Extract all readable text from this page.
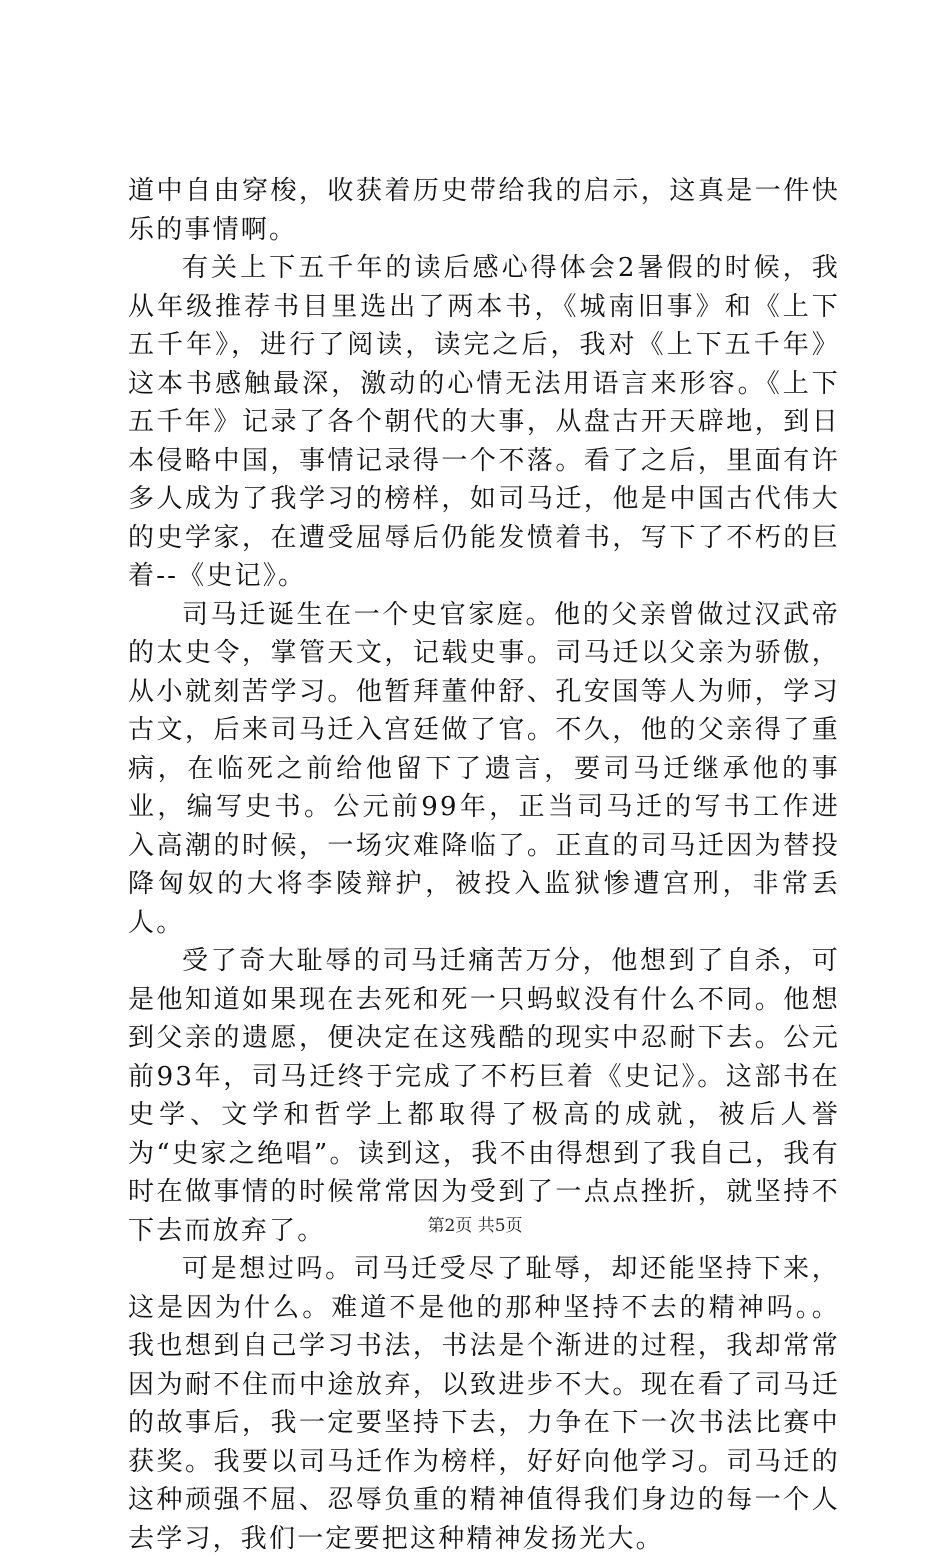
道中自由穿梭，收获着历史带给我的启示，这真是一件快乐的事情啊。

有关上下五千年的读后感心得体会2暑假的时候，我从年级推荐书目里选出了两本书，《城南旧事》和《上下五千年》，进行了阅读，读完之后，我对《上下五千年》这本书感触最深，激动的心情无法用语言来形容。《上下五千年》记录了各个朝代的大事，从盘古开天辟地，到日本侵略中国，事情记录得一个不落。看了之后，里面有许多人成为了我学习的榜样，如司马迁，他是中国古代伟大的史学家，在遭受屈辱后仍能发愤着书，写下了不朽的巨着--《史记》。

司马迁诞生在一个史官家庭。他的父亲曾做过汉武帝的太史令，掌管天文，记载史事。司马迁以父亲为骄傲，从小就刻苦学习。他暂拜董仲舒、孔安国等人为师，学习古文，后来司马迁入宫廷做了官。不久，他的父亲得了重病，在临死之前给他留下了遗言，要司马迁继承他的事业，编写史书。公元前99年，正当司马迁的写书工作进入高潮的时候，一场灾难降临了。正直的司马迁因为替投降匈奴的大将李陵辩护，被投入监狱惨遭宫刑，非常丢人。

受了奇大耻辱的司马迁痛苦万分，他想到了自杀，可是他知道如果现在去死和死一只蚂蚁没有什么不同。他想到父亲的遗愿，便决定在这残酷的现实中忍耐下去。公元前93年，司马迁终于完成了不朽巨着《史记》。这部书在史学、文学和哲学上都取得了极高的成就，被后人誉为“史家之绝唱”。读到这，我不由得想到了我自己，我有时在做事情的时候常常因为受到了一点点挫折，就坚持不下去而放弃了。

可是想过吗。司马迁受尽了耻辱，却还能坚持下来，这是因为什么。难道不是他的那种坚持不去的精神吗。。我也想到自己学习书法，书法是个渐进的过程，我却常常因为耐不住而中途放弃，以致进步不大。现在看了司马迁的故事后，我一定要坚持下去，力争在下一次书法比赛中获奖。我要以司马迁作为榜样，好好向他学习。司马迁的这种顽强不屈、忍辱负重的精神值得我们身边的每一个人去学习，我们一定要把这种精神发扬光大。

第2页 共5页
